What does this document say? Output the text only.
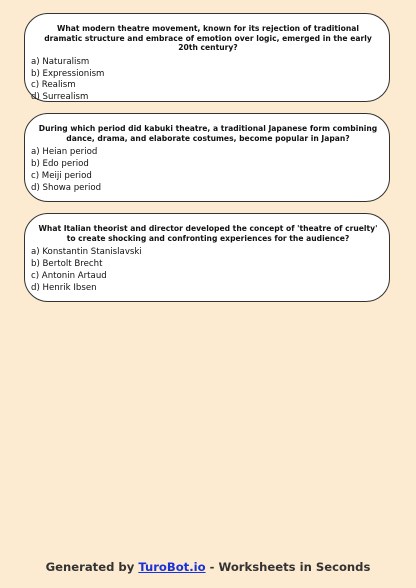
What modern theatre movement, known for its rejection of traditional dramatic structure and embrace of emotion over logic, emerged in the early 20th century?
a) Naturalism
b) Expressionism
c) Realism
d) Surrealism
During which period did kabuki theatre, a traditional Japanese form combining dance, drama, and elaborate costumes, become popular in Japan?
a) Heian period
b) Edo period
c) Meiji period
d) Showa period
What Italian theorist and director developed the concept of 'theatre of cruelty' to create shocking and confronting experiences for the audience?
a) Konstantin Stanislavski
b) Bertolt Brecht
c) Antonin Artaud
d) Henrik Ibsen
Generated by TuroBot.io - Worksheets in Seconds
